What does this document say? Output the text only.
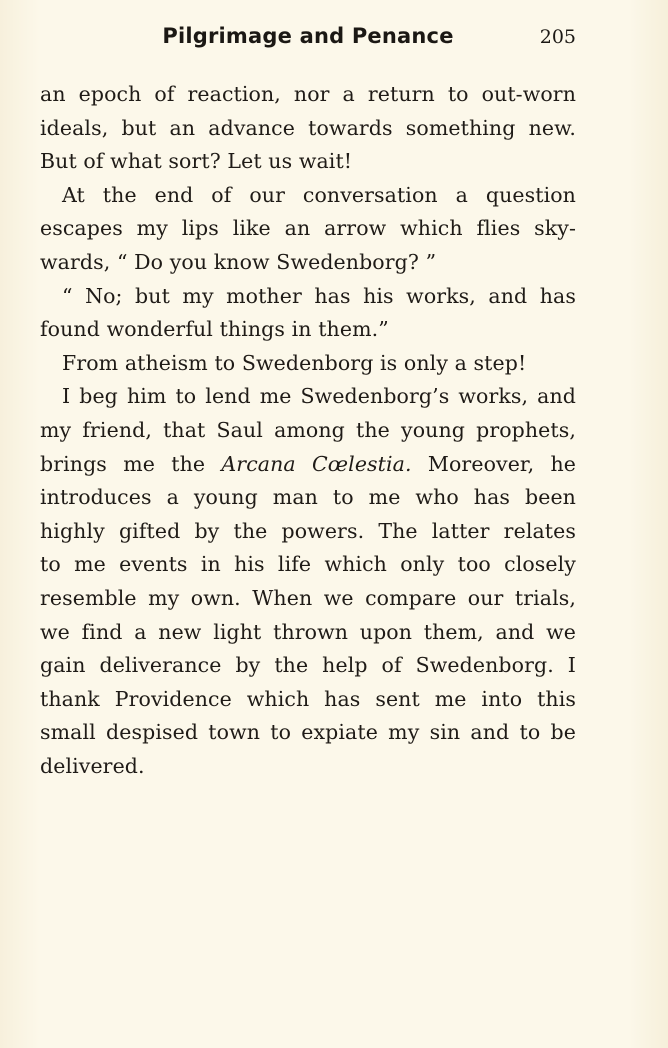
Pilgrimage and Penance	205
an epoch of reaction, nor a return to out-worn
ideals, but an advance towards something new.
But of what sort? Let us wait!
At the end of our conversation a question
escapes my lips like an arrow which flies sky-
wards, “ Do you know Swedenborg? ”
“ No; but my mother has his works, and has
found wonderful things in them.”
From atheism to Swedenborg is only a step!
I beg him to lend me Swedenborg’s works, and
my friend, that Saul among the young prophets,
brings me the Arcana Cœlestia. Moreover, he
introduces a young man to me who has been
highly gifted by the powers. The latter relates
to me events in his life which only too closely
resemble my own. When we compare our trials,
we find a new light thrown upon them, and we
gain deliverance by the help of Swedenborg. I
thank Providence which has sent me into this
small despised town to expiate my sin and to be
delivered.
